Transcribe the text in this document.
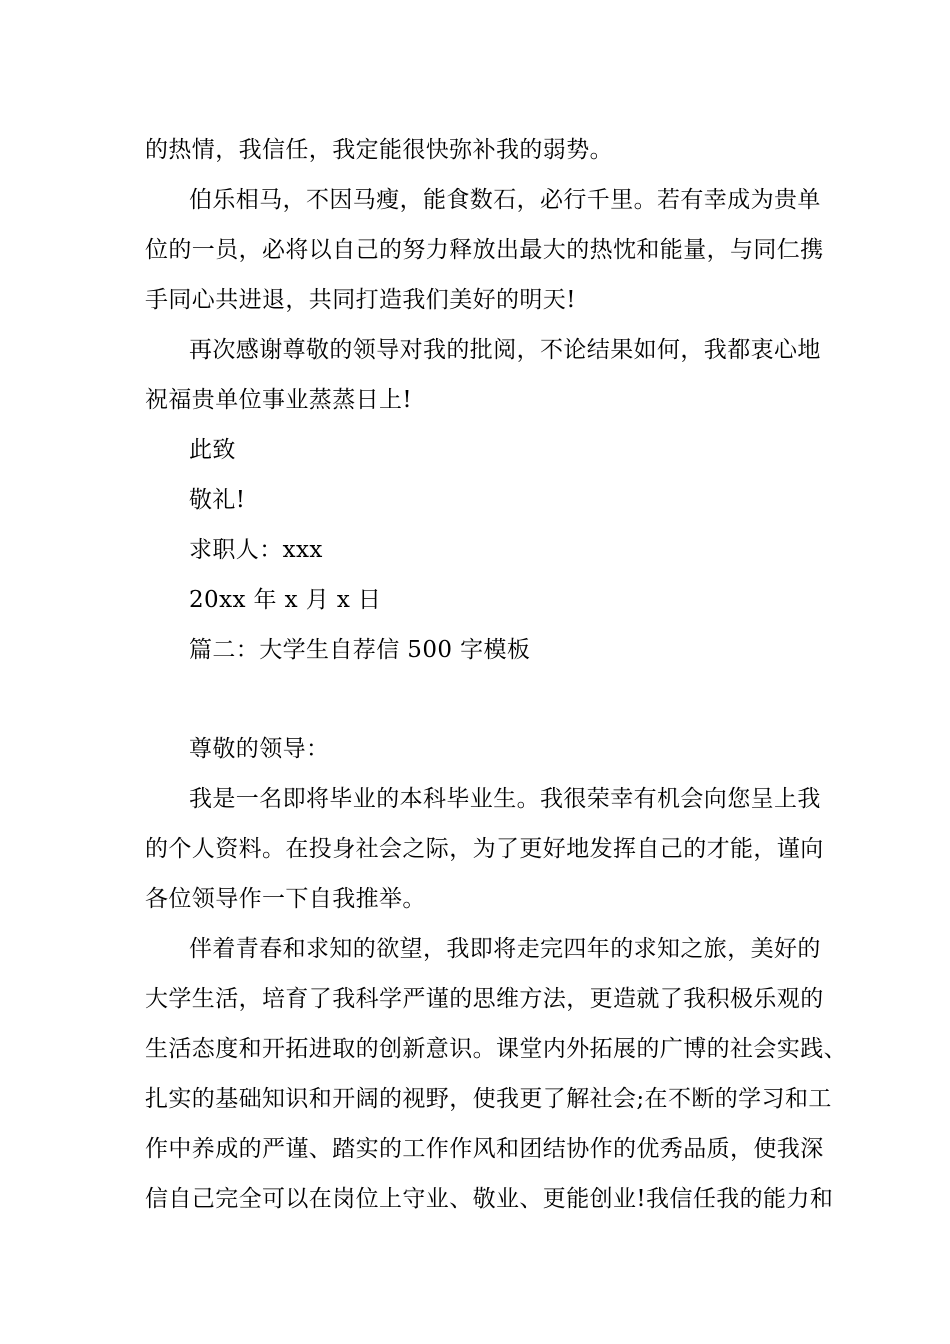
的热情，我信任，我定能很快弥补我的弱势。
伯乐相马，不因马瘦，能食数石，必行千里。若有幸成为贵单
位的一员，必将以自己的努力释放出最大的热忱和能量，与同仁携
手同心共进退，共同打造我们美好的明天!
再次感谢尊敬的领导对我的批阅，不论结果如何，我都衷心地
祝福贵单位事业蒸蒸日上!
此致
敬礼!
求职人：xxx
20xx 年 x 月 x 日
篇二：大学生自荐信 500 字模板
尊敬的领导：
我是一名即将毕业的本科毕业生。我很荣幸有机会向您呈上我
的个人资料。在投身社会之际，为了更好地发挥自己的才能，谨向
各位领导作一下自我推举。
伴着青春和求知的欲望，我即将走完四年的求知之旅，美好的
大学生活，培育了我科学严谨的思维方法，更造就了我积极乐观的
生活态度和开拓进取的创新意识。课堂内外拓展的广博的社会实践、
扎实的基础知识和开阔的视野，使我更了解社会;在不断的学习和工
作中养成的严谨、踏实的工作作风和团结协作的优秀品质，使我深
信自己完全可以在岗位上守业、敬业、更能创业!我信任我的能力和
